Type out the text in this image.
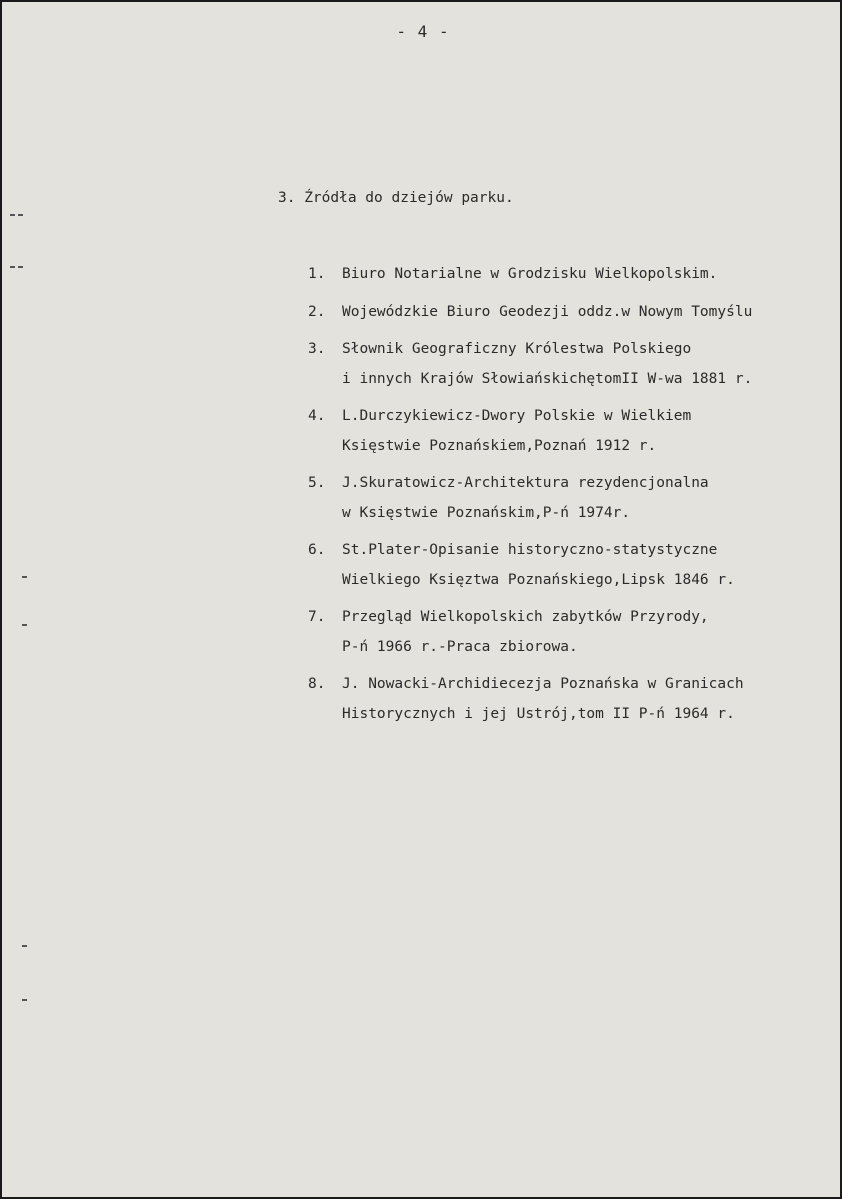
- 4 -
3. Źródła do dziejów parku.
1.	Biuro Notarialne w Grodzisku Wielkopolskim.
2.	Wojewódzkie Biuro Geodezji oddz.w Nowym Tomyślu
3.	Słownik Geograficzny Królestwa Polskiego
i innych Krajów SłowiańskichętomII W-wa 1881 r.
4.	L.Durczykiewicz-Dwory Polskie w Wielkiem
Księstwie Poznańskiem,Poznań 1912 r.
5.	J.Skuratowicz-Architektura rezydencjonalna
w Księstwie Poznańskim,P-ń 1974r.
6.	St.Plater-Opisanie historyczno-statystyczne
Wielkiego Księztwa Poznańskiego,Lipsk 1846 r.
7.	Przegląd Wielkopolskich zabytków Przyrody,
P-ń 1966 r.-Praca zbiorowa.
8.	J. Nowacki-Archidiecezja Poznańska w Granicach
Historycznych i jej Ustrój,tom II P-ń 1964 r.
